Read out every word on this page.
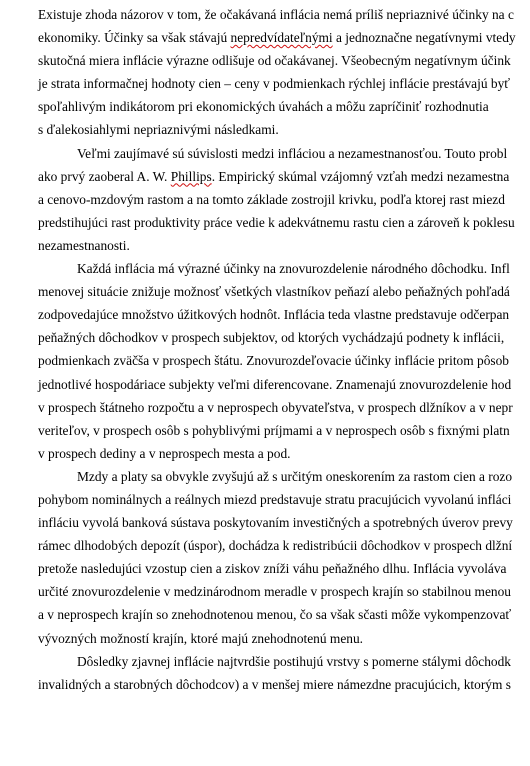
Existuje zhoda názorov v tom, že očakávaná inflácia nemá príliš nepriaznivé účinky na c
ekonomiky. Účinky sa však stávajú nepredvídateľnými a jednoznačne negatívnymi vtedy
skutočná miera inflácie výrazne odlišuje od očakávanej. Všeobecným negatívnym účink
je strata informačnej hodnoty cien – ceny v podmienkach rýchlej inflácie prestávajú byť
spoľahlivým indikátorom pri ekonomických úvahách a môžu zapríčiniť rozhodnutia
s ďalekosiahlymi nepriaznivými následkami.
Veľmi zaujímavé sú súvislosti medzi infláciou a nezamestnanosťou. Touto probl
ako prvý zaoberal A. W. Phillips. Empirický skúmal vzájomný vzťah medzi nezamestna
a cenovo-mzdovým rastom a na tomto základe zostrojil krivku, podľa ktorej rast miezd
predstihujúci rast produktivity práce vedie k adekvátnemu rastu cien a zároveň k poklesu
nezamestnanosti.
Každá inflácia má výrazné účinky na znovurozdelenie národného dôchodku. Infl
menovej situácie znižuje možnosť všetkých vlastníkov peňazí alebo peňažných pohľadá
zodpovedajúce množstvo úžitkových hodnôt. Inflácia teda vlastne predstavuje odčerpan
peňažných dôchodkov v prospech subjektov, od ktorých vychádzajú podnety k inflácii,
podmienkach zväčša v prospech štátu. Znovurozdeľovacie účinky inflácie pritom pôsob
jednotlivé hospodáriace subjekty veľmi diferencovane. Znamenajú znovurozdelenie hod
v prospech štátneho rozpočtu a v neprospech obyvateľstva, v prospech dlžníkov a v nepr
veriteľov, v prospech osôb s pohyblivými príjmami a v neprospech osôb s fixnými platn
v prospech dediny a v neprospech mesta a pod.
Mzdy a platy sa obvykle zvyšujú až s určitým oneskorením za rastom cien a rozo
pohybom nominálnych a reálnych miezd predstavuje stratu pracujúcich vyvolanú infláci
infláciu vyvolá banková sústava poskytovaním investičných a spotrebných úverov prevy
rámec dlhodobých depozít (úspor), dochádza k redistribúcii dôchodkov v prospech dlžní
pretože nasledujúci vzostup cien a ziskov zníži váhu peňažného dlhu. Inflácia vyvoláva
určité znovurozdelenie v medzinárodnom meradle v prospech krajín so stabilnou menou
a v neprospech krajín so znehodnotenou menou, čo sa však sčasti môže vykompenzovať
vývozných možností krajín, ktoré majú znehodnotenú menu.
Dôsledky zjavnej inflácie najtvrdšie postihujú vrstvy s pomerne stálymi dôchodk
invalidných a starobných dôchodcov) a v menšej miere námezdne pracujúcich, ktorým s
